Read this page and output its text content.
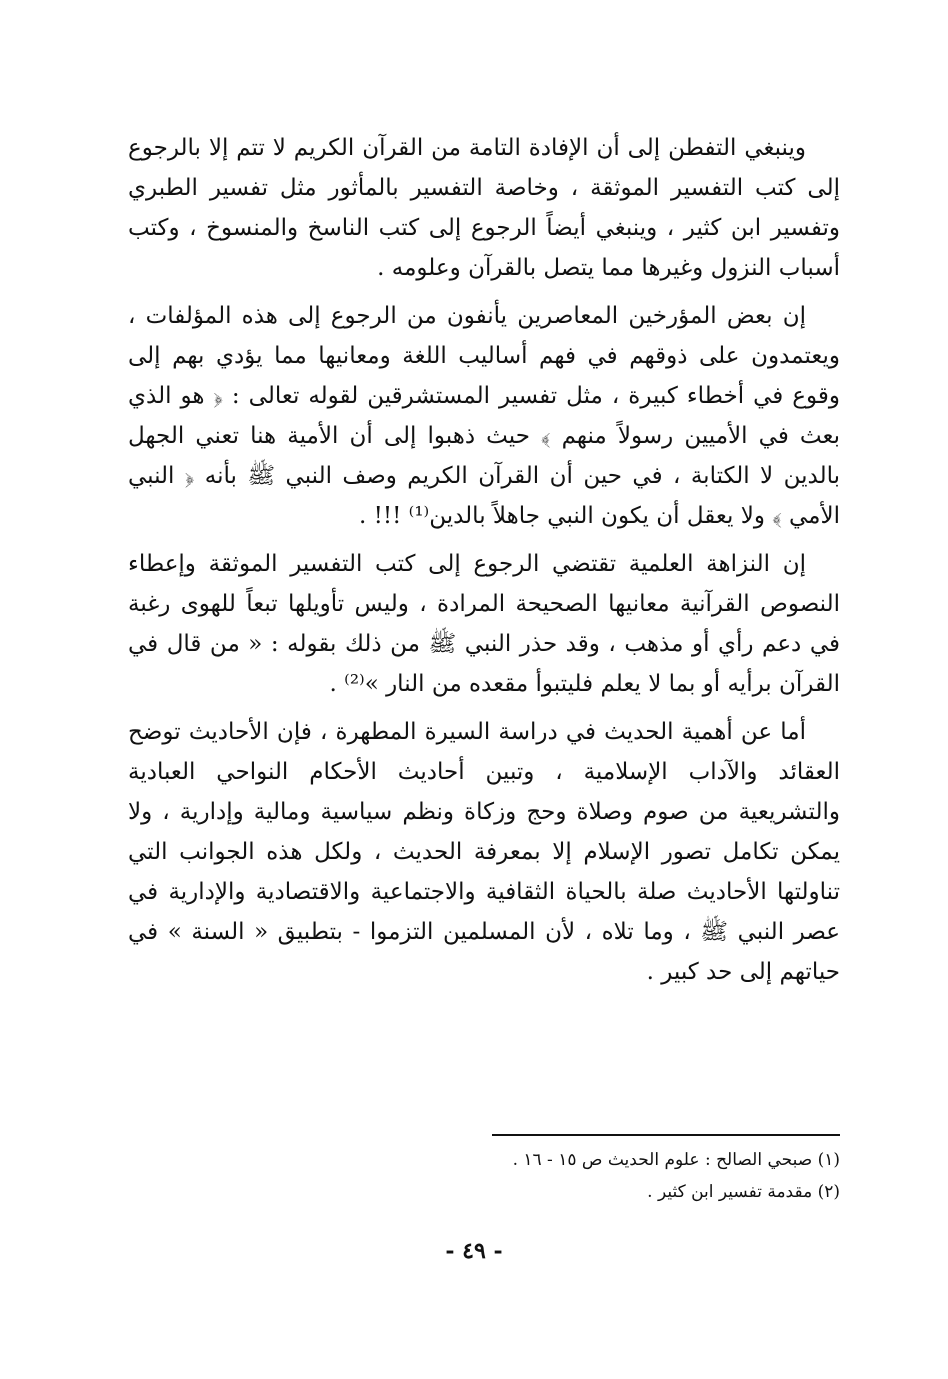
وينبغي التفطن إلى أن الإفادة التامة من القرآن الكريم لا تتم إلا بالرجوع إلى كتب التفسير الموثقة ، وخاصة التفسير بالمأثور مثل تفسير الطبري وتفسير ابن كثير ، وينبغي أيضاً الرجوع إلى كتب الناسخ والمنسوخ ، وكتب أسباب النزول وغيرها مما يتصل بالقرآن وعلومه .

إن بعض المؤرخين المعاصرين يأنفون من الرجوع إلى هذه المؤلفات ، ويعتمدون على ذوقهم في فهم أساليب اللغة ومعانيها مما يؤدي بهم إلى وقوع في أخطاء كبيرة ، مثل تفسير المستشرقين لقوله تعالى : ﴿ هو الذي بعث في الأميين رسولاً منهم ﴾ حيث ذهبوا إلى أن الأمية هنا تعني الجهل بالدين لا الكتابة ، في حين أن القرآن الكريم وصف النبي ﷺ بأنه ﴿ النبي الأمي ﴾ ولا يعقل أن يكون النبي جاهلاً بالدين⁽¹⁾ !!! .

إن النزاهة العلمية تقتضي الرجوع إلى كتب التفسير الموثقة وإعطاء النصوص القرآنية معانيها الصحيحة المرادة ، وليس تأويلها تبعاً للهوى رغبة في دعم رأي أو مذهب ، وقد حذر النبي ﷺ من ذلك بقوله : « من قال في القرآن برأيه أو بما لا يعلم فليتبوأ مقعده من النار »⁽²⁾ .

أما عن أهمية الحديث في دراسة السيرة المطهرة ، فإن الأحاديث توضح العقائد والآداب الإسلامية ، وتبين أحاديث الأحكام النواحي العبادية والتشريعية من صوم وصلاة وحج وزكاة ونظم سياسية ومالية وإدارية ، ولا يمكن تكامل تصور الإسلام إلا بمعرفة الحديث ، ولكل هذه الجوانب التي تناولتها الأحاديث صلة بالحياة الثقافية والاجتماعية والاقتصادية والإدارية في عصر النبي ﷺ ، وما تلاه ، لأن المسلمين التزموا - بتطبيق « السنة » في حياتهم إلى حد كبير .

(١) صبحي الصالح : علوم الحديث ص ١٥ - ١٦ .

(٢) مقدمة تفسير ابن كثير .

- ٤٩ -
